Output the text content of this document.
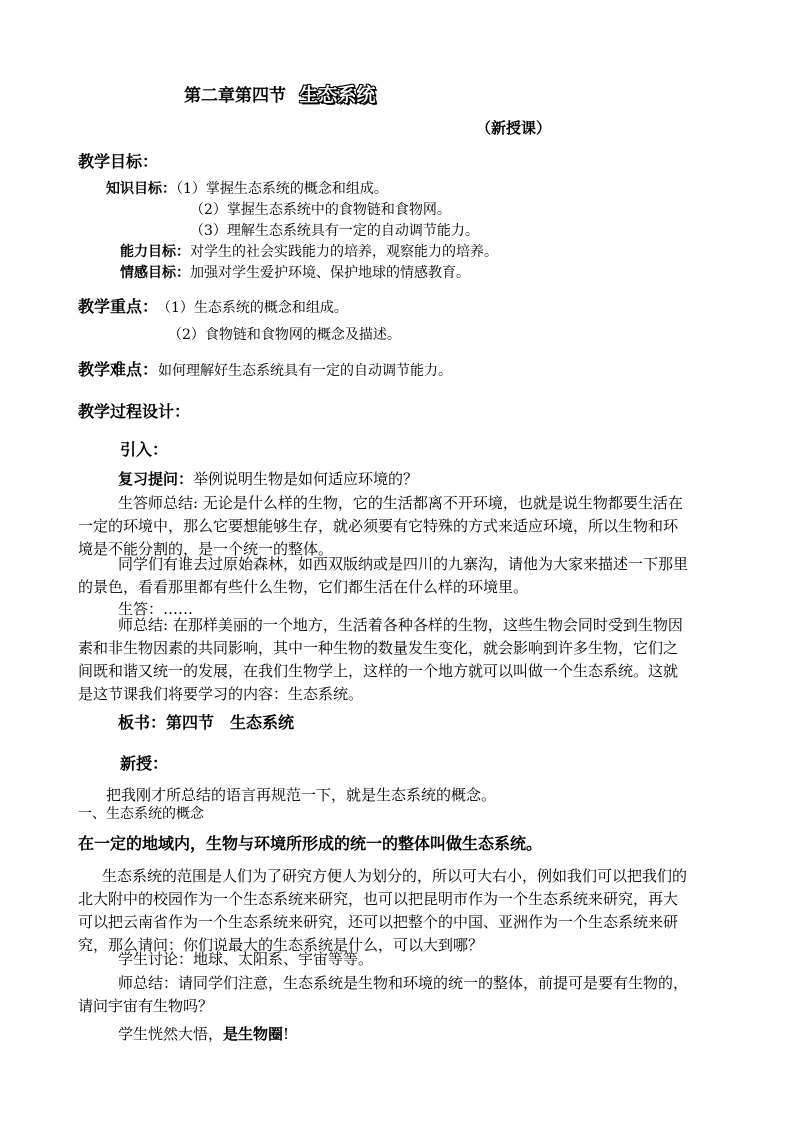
第二章第四节 生态系统
（新授课）
教学目标：
知识目标：（1）掌握生态系统的概念和组成。
（2）掌握生态系统中的食物链和食物网。
（3）理解生态系统具有一定的自动调节能力。
能力目标：对学生的社会实践能力的培养，观察能力的培养。
情感目标：加强对学生爱护环境、保护地球的情感教育。
教学重点： （1）生态系统的概念和组成。
（2）食物链和食物网的概念及描述。
教学难点：如何理解好生态系统具有一定的自动调节能力。
教学过程设计：
引入：
复习提问：举例说明生物是如何适应环境的？
生答师总结: 无论是什么样的生物，它的生活都离不开环境，也就是说生物都要生活在
一定的环境中，那么它要想能够生存，就必须要有它特殊的方式来适应环境，所以生物和环
境是不能分割的，是一个统一的整体。
同学们有谁去过原始森林，如西双版纳或是四川的九寨沟，请他为大家来描述一下那里
的景色，看看那里都有些什么生物，它们都生活在什么样的环境里。
生答：……
师总结: 在那样美丽的一个地方，生活着各种各样的生物，这些生物会同时受到生物因
素和非生物因素的共同影响，其中一种生物的数量发生变化，就会影响到许多生物，它们之
间既和谐又统一的发展，在我们生物学上，这样的一个地方就可以叫做一个生态系统。这就
是这节课我们将要学习的内容：生态系统。
板书：第四节　生态系统
新授：
把我刚才所总结的语言再规范一下，就是生态系统的概念。
一、生态系统的概念
在一定的地域内，生物与环境所形成的统一的整体叫做生态系统。
生态系统的范围是人们为了研究方便人为划分的，所以可大右小，例如我们可以把我们的
北大附中的校园作为一个生态系统来研究，也可以把昆明市作为一个生态系统来研究，再大
可以把云南省作为一个生态系统来研究，还可以把整个的中国、亚洲作为一个生态系统来研
究，那么请问：你们说最大的生态系统是什么，可以大到哪？
学生讨论：地球、太阳系、宇宙等等。
师总结：请同学们注意，生态系统是生物和环境的统一的整体，前提可是要有生物的，
请问宇宙有生物吗？
学生恍然大悟，是生物圈!
